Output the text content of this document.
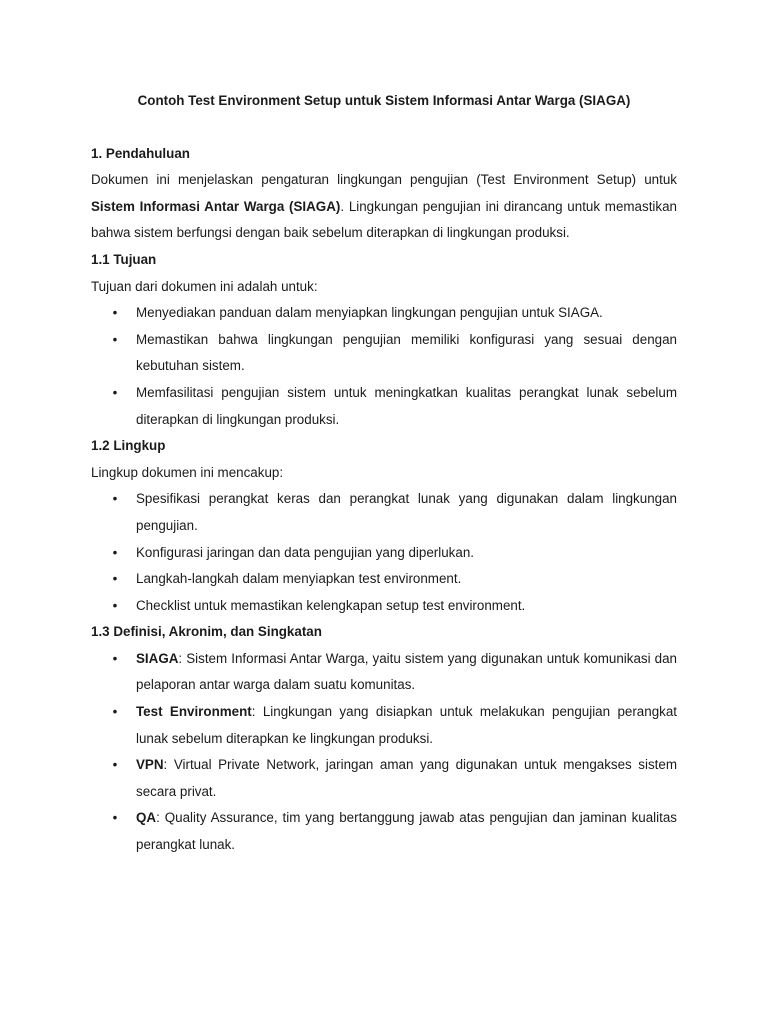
Contoh Test Environment Setup untuk Sistem Informasi Antar Warga (SIAGA)
1. Pendahuluan

Dokumen ini menjelaskan pengaturan lingkungan pengujian (Test Environment Setup) untuk Sistem Informasi Antar Warga (SIAGA). Lingkungan pengujian ini dirancang untuk memastikan bahwa sistem berfungsi dengan baik sebelum diterapkan di lingkungan produksi.

1.1 Tujuan

Tujuan dari dokumen ini adalah untuk:

• Menyediakan panduan dalam menyiapkan lingkungan pengujian untuk SIAGA.
• Memastikan bahwa lingkungan pengujian memiliki konfigurasi yang sesuai dengan kebutuhan sistem.
• Memfasilitasi pengujian sistem untuk meningkatkan kualitas perangkat lunak sebelum diterapkan di lingkungan produksi.
1.2 Lingkup

Lingkup dokumen ini mencakup:

• Spesifikasi perangkat keras dan perangkat lunak yang digunakan dalam lingkungan pengujian.
• Konfigurasi jaringan dan data pengujian yang diperlukan.
• Langkah-langkah dalam menyiapkan test environment.
• Checklist untuk memastikan kelengkapan setup test environment.
1.3 Definisi, Akronim, dan Singkatan
• SIAGA: Sistem Informasi Antar Warga, yaitu sistem yang digunakan untuk komunikasi dan pelaporan antar warga dalam suatu komunitas.
• Test Environment: Lingkungan yang disiapkan untuk melakukan pengujian perangkat lunak sebelum diterapkan ke lingkungan produksi.
• VPN: Virtual Private Network, jaringan aman yang digunakan untuk mengakses sistem secara privat.
• QA: Quality Assurance, tim yang bertanggung jawab atas pengujian dan jaminan kualitas perangkat lunak.
